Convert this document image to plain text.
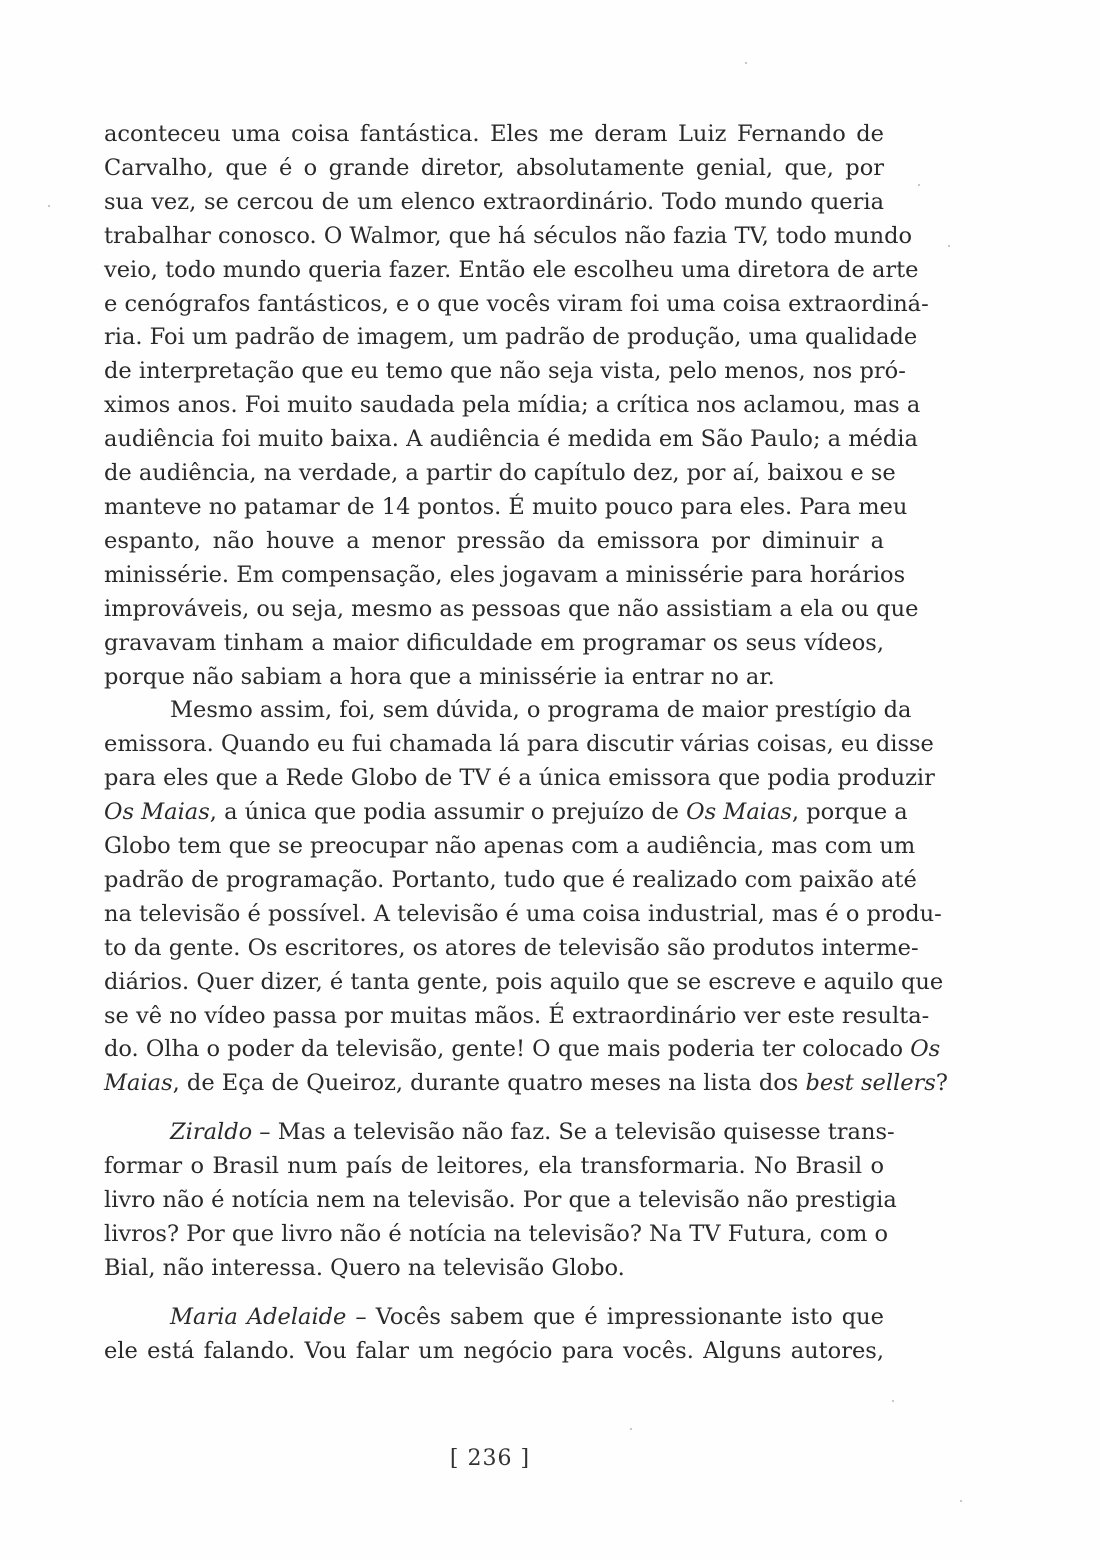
aconteceu uma coisa fantástica. Eles me deram Luiz Fernando de
Carvalho, que é o grande diretor, absolutamente genial, que, por
sua vez, se cercou de um elenco extraordinário. Todo mundo queria
trabalhar conosco. O Walmor, que há séculos não fazia TV, todo mundo
veio, todo mundo queria fazer. Então ele escolheu uma diretora de arte
e cenógrafos fantásticos, e o que vocês viram foi uma coisa extraordiná-
ria. Foi um padrão de imagem, um padrão de produção, uma qualidade
de interpretação que eu temo que não seja vista, pelo menos, nos pró-
ximos anos. Foi muito saudada pela mídia; a crítica nos aclamou, mas a
audiência foi muito baixa. A audiência é medida em São Paulo; a média
de audiência, na verdade, a partir do capítulo dez, por aí, baixou e se
manteve no patamar de 14 pontos. É muito pouco para eles. Para meu
espanto, não houve a menor pressão da emissora por diminuir a
minissérie. Em compensação, eles jogavam a minissérie para horários
improváveis, ou seja, mesmo as pessoas que não assistiam a ela ou que
gravavam tinham a maior dificuldade em programar os seus vídeos,
porque não sabiam a hora que a minissérie ia entrar no ar.

Mesmo assim, foi, sem dúvida, o programa de maior prestígio da
emissora. Quando eu fui chamada lá para discutir várias coisas, eu disse
para eles que a Rede Globo de TV é a única emissora que podia produzir
Os Maias, a única que podia assumir o prejuízo de Os Maias, porque a
Globo tem que se preocupar não apenas com a audiência, mas com um
padrão de programação. Portanto, tudo que é realizado com paixão até
na televisão é possível. A televisão é uma coisa industrial, mas é o produ-
to da gente. Os escritores, os atores de televisão são produtos interme-
diários. Quer dizer, é tanta gente, pois aquilo que se escreve e aquilo que
se vê no vídeo passa por muitas mãos. É extraordinário ver este resulta-
do. Olha o poder da televisão, gente! O que mais poderia ter colocado Os
Maias, de Eça de Queiroz, durante quatro meses na lista dos best sellers?

Ziraldo – Mas a televisão não faz. Se a televisão quisesse trans-
formar o Brasil num país de leitores, ela transformaria. No Brasil o
livro não é notícia nem na televisão. Por que a televisão não prestigia
livros? Por que livro não é notícia na televisão? Na TV Futura, com o
Bial, não interessa. Quero na televisão Globo.

Maria Adelaide – Vocês sabem que é impressionante isto que
ele está falando. Vou falar um negócio para vocês. Alguns autores,

[ 236 ]
